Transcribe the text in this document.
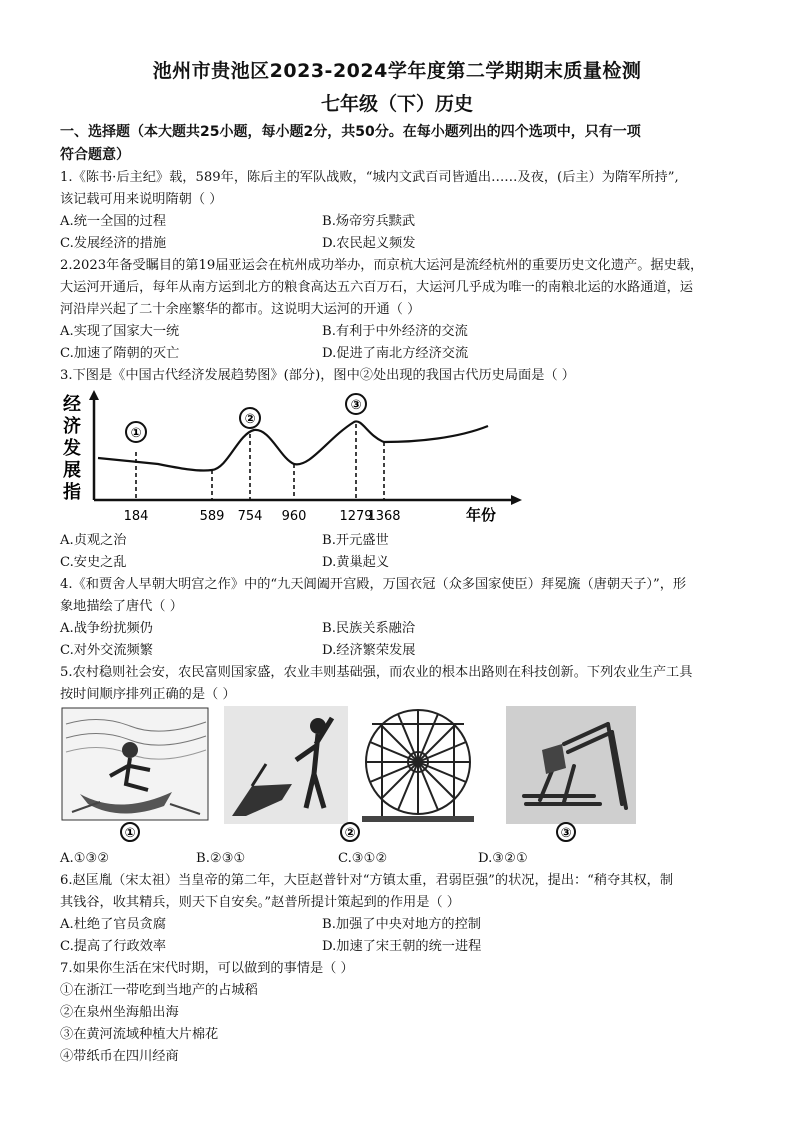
池州市贵池区2023-2024学年度第二学期期末质量检测
七年级（下）历史
一、选择题（本大题共25小题，每小题2分，共50分。在每小题列出的四个选项中，只有一项
符合题意）
1.《陈书·后主纪》载，589年，陈后主的军队战败，“城内文武百司皆遁出……及夜，(后主）为隋军所持”,
该记载可用来说明隋朝（ ）
A.统一全国的过程	B.炀帝穷兵黩武
C.发展经济的措施	D.农民起义频发
2.2023年备受瞩目的第19届亚运会在杭州成功举办，而京杭大运河是流经杭州的重要历史文化遗产。据史载，
大运河开通后，每年从南方运到北方的粮食高达五六百万石，大运河几乎成为唯一的南粮北运的水路通道，运
河沿岸兴起了二十余座繁华的都市。这说明大运河的开通（ ）
A.实现了国家大一统	B.有利于中外经济的交流
C.加速了隋朝的灭亡	D.促进了南北方经济交流
3.下图是《中国古代经济发展趋势图》(部分)，图中②处出现的我国古代历史局面是（ ）
经
济
发
展
指
184	589 754 960	1279
1368
①
②
③
年份
A.贞观之治	B.开元盛世
C.安史之乱	D.黄巢起义
4.《和贾舍人早朝大明宫之作》中的“九天阊阖开宫殿，万国衣冠（众多国家使臣）拜冕旒（唐朝天子）”，形
象地描绘了唐代（ ）
A.战争纷扰频仍	B.民族关系融洽
C.对外交流频繁	D.经济繁荣发展
5.农村稳则社会安，农民富则国家盛，农业丰则基础强，而农业的根本出路则在科技创新。下列农业生产工具
按时间顺序排列正确的是（ ）
①	②	③
A.①③②	B.②③①	C.③①②	D.③②①
6.赵匡胤（宋太祖）当皇帝的第二年，大臣赵普针对“方镇太重，君弱臣强”的状况，提出：“稍夺其权，制
其钱谷，收其精兵，则天下自安矣。”赵普所提计策起到的作用是（ ）
A.杜绝了官员贪腐	B.加强了中央对地方的控制
C.提高了行政效率	D.加速了宋王朝的统一进程
7.如果你生活在宋代时期，可以做到的事情是（ ）
①在浙江一带吃到当地产的占城稻
②在泉州坐海船出海
③在黄河流域种植大片棉花
④带纸币在四川经商
